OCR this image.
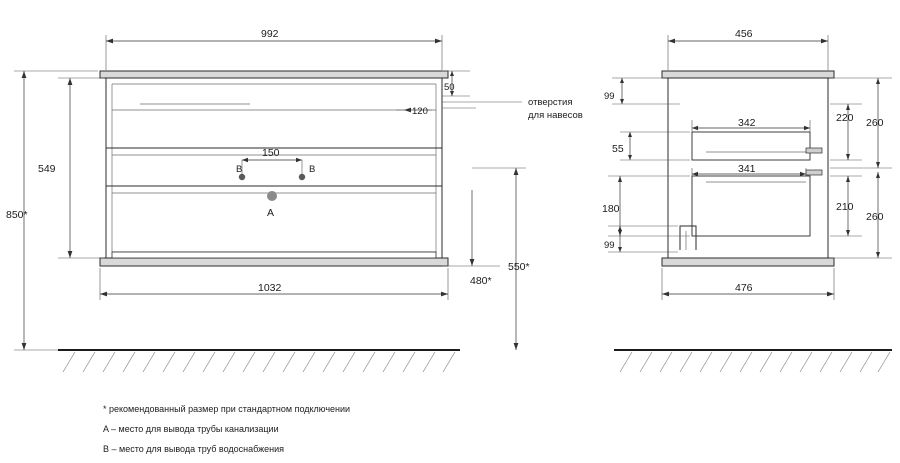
B	B
A
150
992
1032
549
850*
50
120
480*
550*
отверстия
для навесов
456
476
342
341
99
55
180
99
220 260
210
260
* рекомендованный размер при стандартном подключении
A – место для вывода трубы канализации
B – место для вывода труб водоснабжения
